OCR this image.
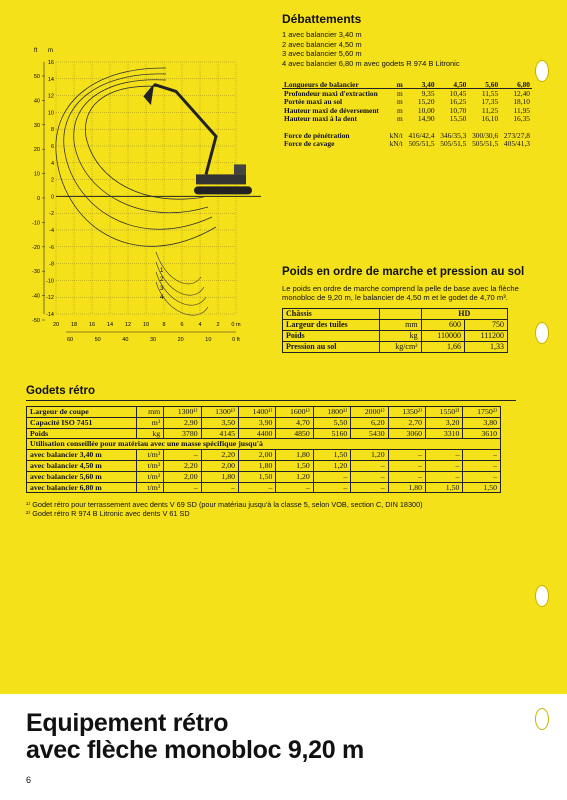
ft m
16
14
12
10
8
6
4
2
0
-2
-4
-6
-8
-10
-12
-14
20 18 16 14 12 10 8	6	4	2 0 m
50
40
30
20
10
0
-10
-20
-30
-40
-50
60	50	40	30	20	10	0 ft
1
2
3
4
Débattements
1 avec balancier 3,40 m
2 avec balancier 4,50 m
3 avec balancier 5,60 m
4 avec balancier 6,80 m avec godets R 974 B Litronic
Longueurs de balancier	m	3,40	4,50	5,60	6,80
Profondeur maxi d'extraction	m	9,35	10,45	11,55	12,40
Portée maxi au sol	m	15,20	16,25	17,35	18,10
Hauteur maxi de déversement	m	10,00	10,70	11,25	11,95
Hauteur maxi à la dent	m	14,90	15,50	16,10	16,35

Force de pénétration	kN/t	416/42,4	346/35,3	300/30,6	273/27,8
Force de cavage	kN/t	505/51,5	505/51,5	505/51,5	405/41,3
Poids en ordre de marche et pression au sol
Le poids en ordre de marche comprend la pelle de base avec la flèche monobloc de 9,20 m, le balancier de 4,50 m et le godet de 4,70 m³.
Châssis		HD	
Largeur des tuiles	mm	600	750
Poids	kg	110000	111200
Pression au sol	kg/cm²	1,66	1,33
Godets rétro
Largeur de coupe	mm	1300¹⁾	1300¹⁾	1400¹⁾	1600¹⁾	1800¹⁾	2000¹⁾	1350²⁾	1550²⁾	1750²⁾
Capacité ISO 7451	m³	2,90	3,50	3,90	4,70	5,50	6,20	2,70	3,20	3,80
Poids	kg	3780	4145	4400	4850	5160	5430	3060	3310	3610
Utilisation conseillée pour matériau avec une masse spécifique jusqu'à										
avec balancier 3,40 m	t/m³	–	2,20	2,00	1,80	1,50	1,20	–	–	–
avec balancier 4,50 m	t/m³	2,20	2,00	1,80	1,50	1,20	–	–	–	–
avec balancier 5,60 m	t/m³	2,00	1,80	1,50	1,20	–	–	–	–	–
avec balancier 6,80 m	t/m³	–	–	–	–	–	–	1,80	1,50	1,50
¹⁾ Godet rétro pour terrassement avec dents V 69 SD (pour matériau jusqu'à la classe 5, selon VOB, section C, DIN 18300)
²⁾ Godet rétro R 974 B Litronic avec dents V 61 SD
Equipement rétro
avec flèche monobloc 9,20 m
6
